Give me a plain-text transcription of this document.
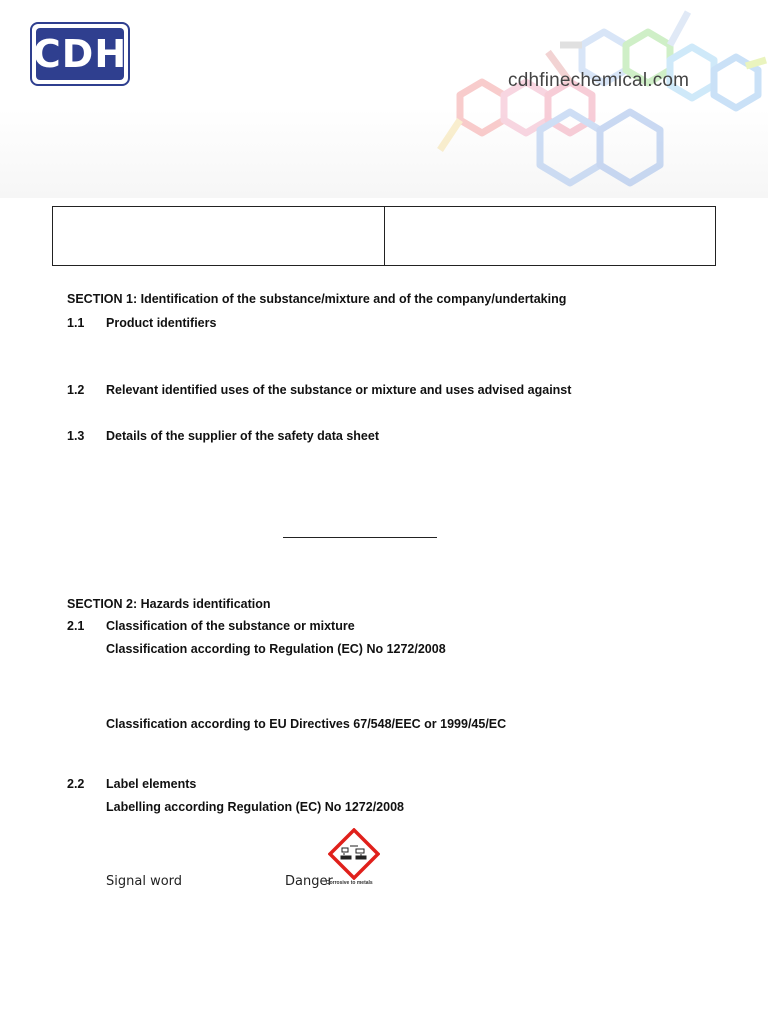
CDH
cdhfinechemical.com
SECTION 1: Identification of the substance/mixture and of the company/undertaking
1.1 Product identifiers
1.2 Relevant identified uses of the substance or mixture and uses advised against
1.3 Details of the supplier of the safety data sheet
SECTION 2: Hazards identification
2.1 Classification of the substance or mixture
Classification according to Regulation (EC) No 1272/2008
Classification according to EU Directives 67/548/EEC or 1999/45/EC
2.2 Label elements
Labelling according Regulation (EC) No 1272/2008
Corrosive to metals
Signal word	Danger
